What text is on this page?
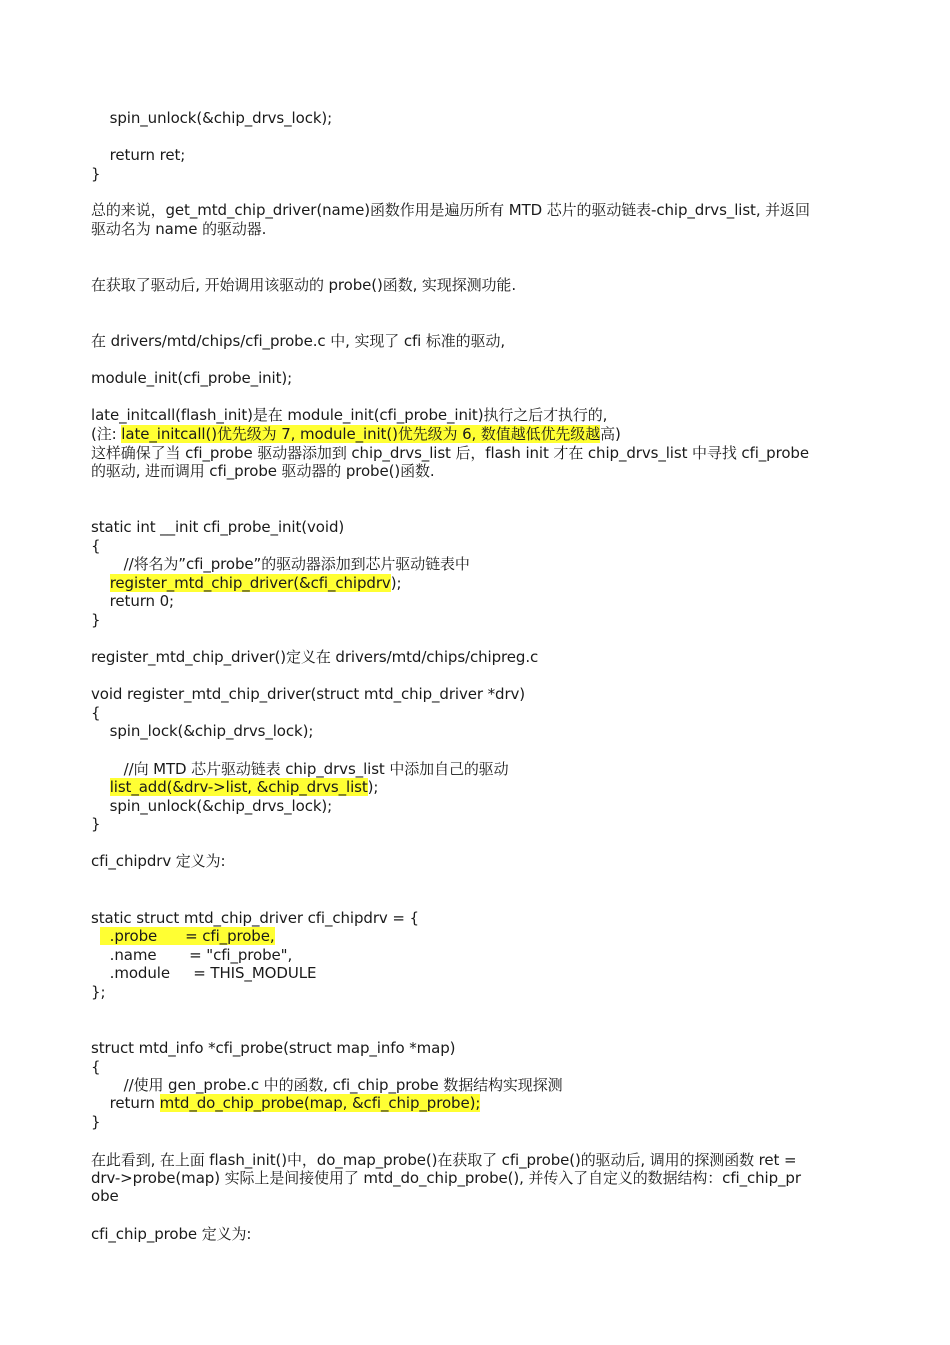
spin_unlock(&chip_drvs_lock);
return ret;
}
总的来说，get_mtd_chip_driver(name)函数作用是遍历所有 MTD 芯片的驱动链表-chip_drvs_list, 并返回
驱动名为 name 的驱动器.
在获取了驱动后, 开始调用该驱动的 probe()函数, 实现探测功能.
在 drivers/mtd/chips/cfi_probe.c 中, 实现了 cfi 标准的驱动,
module_init(cfi_probe_init);
late_initcall(flash_init)是在 module_init(cfi_probe_init)执行之后才执行的,
(注: late_initcall()优先级为 7, module_init()优先级为 6, 数值越低优先级越高)
这样确保了当 cfi_probe 驱动器添加到 chip_drvs_list 后，flash init 才在 chip_drvs_list 中寻找 cfi_probe
的驱动, 进而调用 cfi_probe 驱动器的 probe()函数.
static int __init cfi_probe_init(void)
{
//将名为”cfi_probe”的驱动器添加到芯片驱动链表中
register_mtd_chip_driver(&cfi_chipdrv);
return 0;
}
register_mtd_chip_driver()定义在 drivers/mtd/chips/chipreg.c
void register_mtd_chip_driver(struct mtd_chip_driver *drv)
{
spin_lock(&chip_drvs_lock);
//向 MTD 芯片驱动链表 chip_drvs_list 中添加自己的驱动
list_add(&drv->list, &chip_drvs_list);
spin_unlock(&chip_drvs_lock);
}
cfi_chipdrv 定义为:
static struct mtd_chip_driver cfi_chipdrv = {
.probe      = cfi_probe,
.name       = "cfi_probe",
.module     = THIS_MODULE
};
struct mtd_info *cfi_probe(struct map_info *map)
{
//使用 gen_probe.c 中的函数, cfi_chip_probe 数据结构实现探测
return mtd_do_chip_probe(map, &cfi_chip_probe);
}
在此看到, 在上面 flash_init()中，do_map_probe()在获取了 cfi_probe()的驱动后, 调用的探测函数 ret =
drv->probe(map) 实际上是间接使用了 mtd_do_chip_probe(), 并传入了自定义的数据结构：cfi_chip_pr
obe
cfi_chip_probe 定义为:
